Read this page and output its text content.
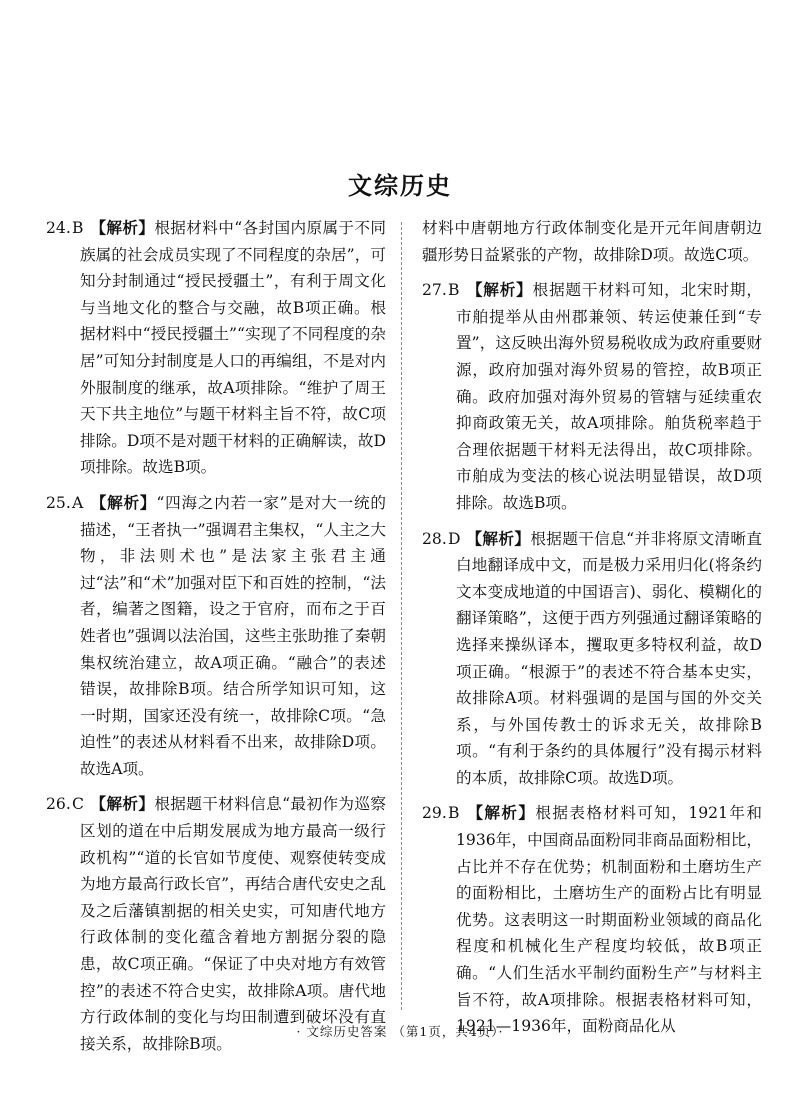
文综历史

24.B 【解析】根据材料中“各封国内原属于不同族属的社会成员实现了不同程度的杂居”，可知分封制通过“授民授疆土”，有利于周文化与当地文化的整合与交融，故B项正确。根据材料中“授民授疆土”“实现了不同程度的杂居”可知分封制度是人口的再编组，不是对内外服制度的继承，故A项排除。“维护了周王天下共主地位”与题干材料主旨不符，故C项排除。D项不是对题干材料的正确解读，故D项排除。故选B项。

25.A 【解析】“四海之内若一家”是对大一统的描述，“王者执一”强调君主集权，“人主之大物，非法则术也”是法家主张君主通过“法”和“术”加强对臣下和百姓的控制，“法者，编著之图籍，设之于官府，而布之于百姓者也”强调以法治国，这些主张助推了秦朝集权统治建立，故A项正确。“融合”的表述错误，故排除B项。结合所学知识可知，这一时期，国家还没有统一，故排除C项。“急迫性”的表述从材料看不出来，故排除D项。故选A项。

26.C 【解析】根据题干材料信息“最初作为巡察区划的道在中后期发展成为地方最高一级行政机构”“道的长官如节度使、观察使转变成为地方最高行政长官”，再结合唐代安史之乱及之后藩镇割据的相关史实，可知唐代地方行政体制的变化蕴含着地方割据分裂的隐患，故C项正确。“保证了中央对地方有效管控”的表述不符合史实，故排除A项。唐代地方行政体制的变化与均田制遭到破坏没有直接关系，故排除B项。

材料中唐朝地方行政体制变化是开元年间唐朝边疆形势日益紧张的产物，故排除D项。故选C项。

27.B 【解析】根据题干材料可知，北宋时期，市舶提举从由州郡兼领、转运使兼任到“专置”，这反映出海外贸易税收成为政府重要财源，政府加强对海外贸易的管控，故B项正确。政府加强对海外贸易的管辖与延续重农抑商政策无关，故A项排除。舶货税率趋于合理依据题干材料无法得出，故C项排除。市舶成为变法的核心说法明显错误，故D项排除。故选B项。

28.D 【解析】根据题干信息“并非将原文清晰直白地翻译成中文，而是极力采用归化(将条约文本变成地道的中国语言)、弱化、模糊化的翻译策略”，这便于西方列强通过翻译策略的选择来操纵译本，攫取更多特权利益，故D项正确。“根源于”的表述不符合基本史实，故排除A项。材料强调的是国与国的外交关系，与外国传教士的诉求无关，故排除B项。“有利于条约的具体履行”没有揭示材料的本质，故排除C项。故选D项。

29.B 【解析】根据表格材料可知，1921年和1936年，中国商品面粉同非商品面粉相比，占比并不存在优势；机制面粉和土磨坊生产的面粉相比，土磨坊生产的面粉占比有明显优势。这表明这一时期面粉业领域的商品化程度和机械化生产程度均较低，故B项正确。“人们生活水平制约面粉生产”与材料主旨不符，故A项排除。根据表格材料可知，1921—1936年，面粉商品化从

· 文综历史答案 （第1页，共4页）·
